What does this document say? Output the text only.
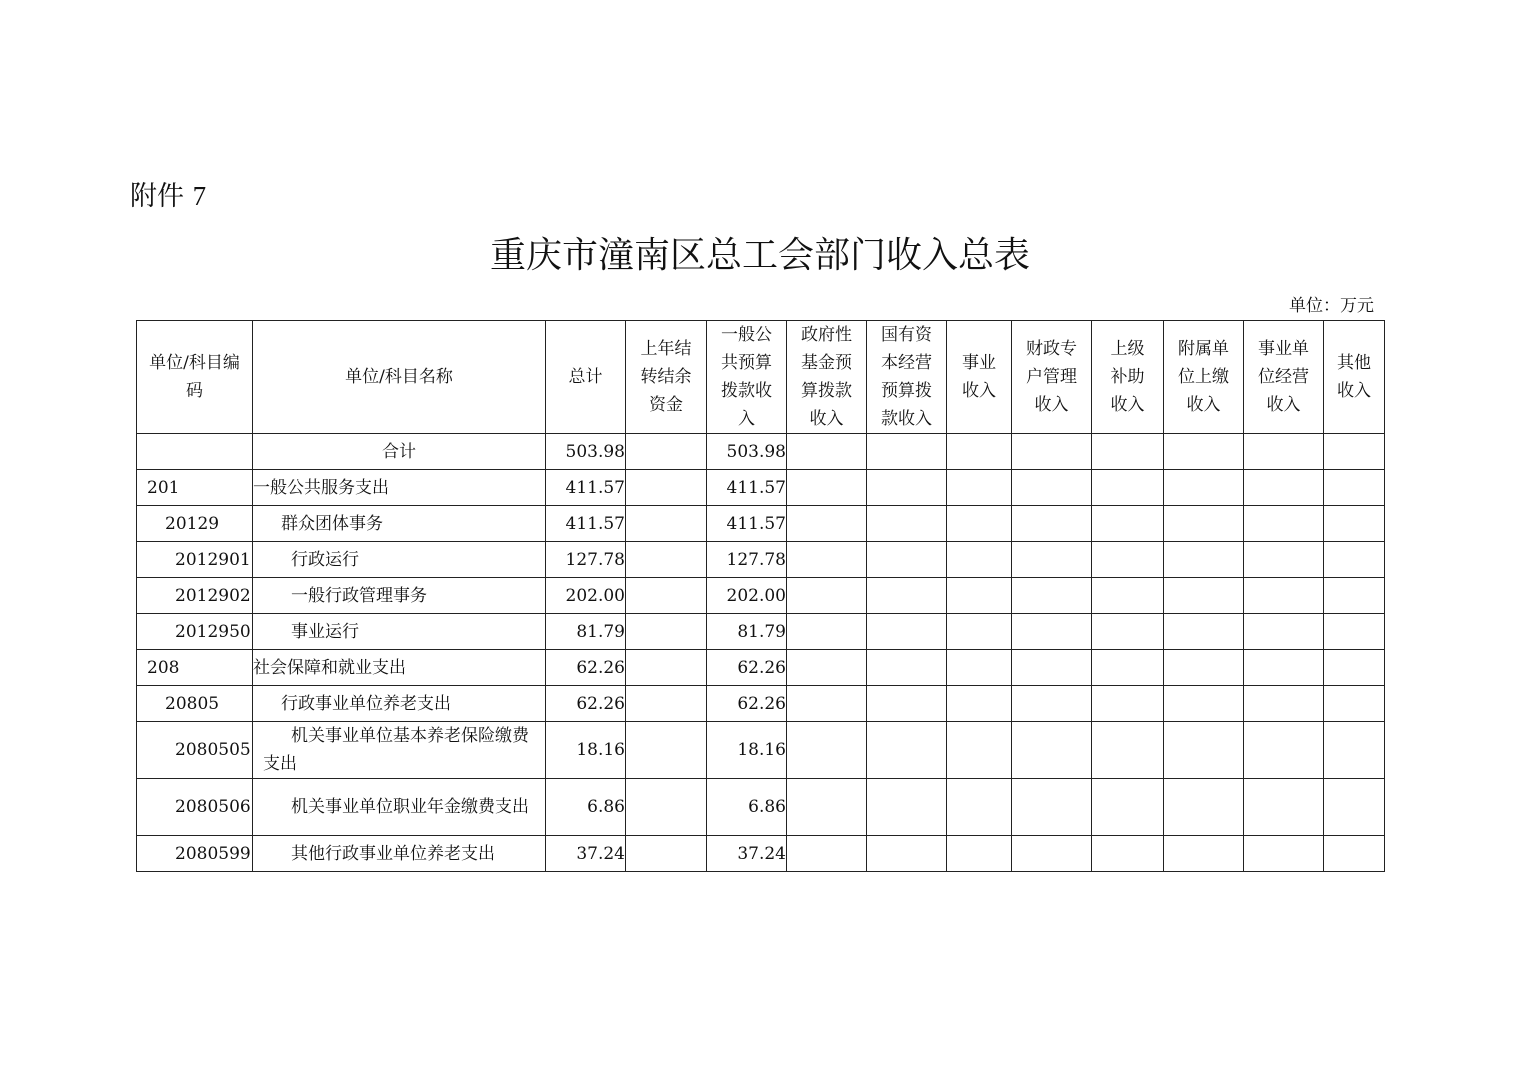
附件 7
重庆市潼南区总工会部门收入总表
单位：万元
单位/科目编码	单位/科目名称	总计	上年结转结余资金	一般公共预算拨款收入	政府性基金预算拨款收入	国有资本经营预算拨款收入	事业收入	财政专户管理收入	上级补助收入	附属单位上缴收入	事业单位经营收入	其他收入
	合计	503.98		503.98								
201	一般公共服务支出	411.57		411.57								
20129	群众团体事务	411.57		411.57								
2012901	行政运行	127.78		127.78								
2012902	一般行政管理事务	202.00		202.00								
2012950	事业运行	81.79		81.79								
208	社会保障和就业支出	62.26		62.26								
20805	行政事业单位养老支出	62.26		62.26								
2080505	机关事业单位基本养老保险缴费支出	18.16		18.16								
2080506	机关事业单位职业年金缴费支出	6.86		6.86								
2080599	其他行政事业单位养老支出	37.24		37.24								
